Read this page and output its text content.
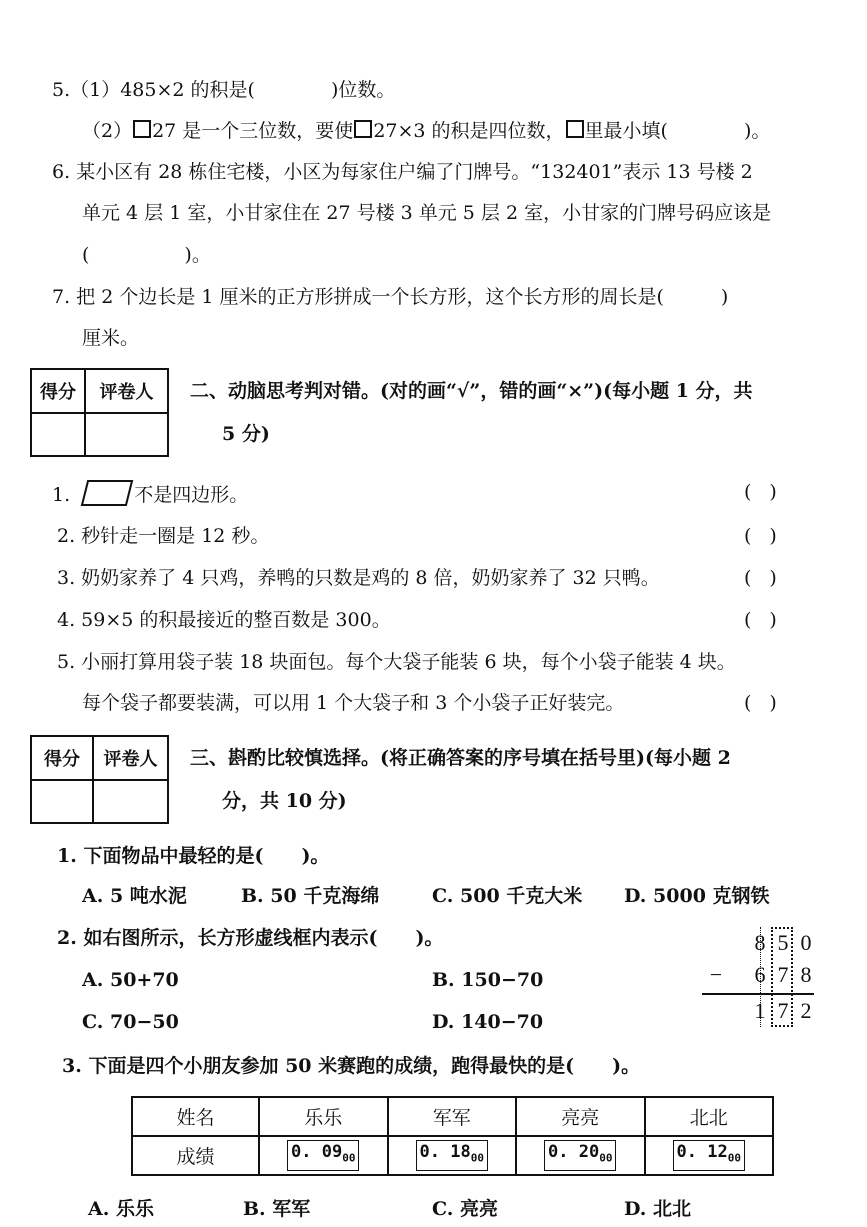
5.（1）485×2 的积是(　　　　)位数。
（2） 27 是一个三位数，要使 27×3 的积是四位数， 里最小填(　　　　)。
6. 某小区有 28 栋住宅楼，小区为每家住户编了门牌号。“132401”表示 13 号楼 2
单元 4 层 1 室，小甘家住在 27 号楼 3 单元 5 层 2 室，小甘家的门牌号码应该是
(　　　　　)。
7. 把 2 个边长是 1 厘米的正方形拼成一个长方形，这个长方形的周长是(　　　)
厘米。
得分	评卷人	二、动脑思考判对错。(对的画“√”，错的画“×”)(每小题 1 分，共
5 分)
1.	不是四边形。	()
2. 秒针走一圈是 12 秒。	()
3. 奶奶家养了 4 只鸡，养鸭的只数是鸡的 8 倍，奶奶家养了 32 只鸭。	()
4. 59×5 的积最接近的整百数是 300。	()
5. 小丽打算用袋子装 18 块面包。每个大袋子能装 6 块，每个小袋子能装 4 块。
每个袋子都要装满，可以用 1 个大袋子和 3 个小袋子正好装完。	()
得分	评卷人	三、斟酌比较慎选择。(将正确答案的序号填在括号里)(每小题 2
分，共 10 分)
1. 下面物品中最轻的是(　　)。
A. 5 吨水泥	B. 50 千克海绵	C. 500 千克大米 D. 5000 克钢铁
2. 如右图所示，长方形虚线框内表示(　　)。
A. 50+70	B. 150−70
C. 70−50	D. 140−70
8 5 0
− 6 7 8
1 7 2
3. 下面是四个小朋友参加 50 米赛跑的成绩，跑得最快的是(　　)。
姓名	乐乐	军军	亮亮	北北
成绩	0. $09_{00}$	0. $18_{00}$	0. $20_{00}$	0. $12_{00}$
A. 乐乐	B. 军军	C. 亮亮	D. 北北
